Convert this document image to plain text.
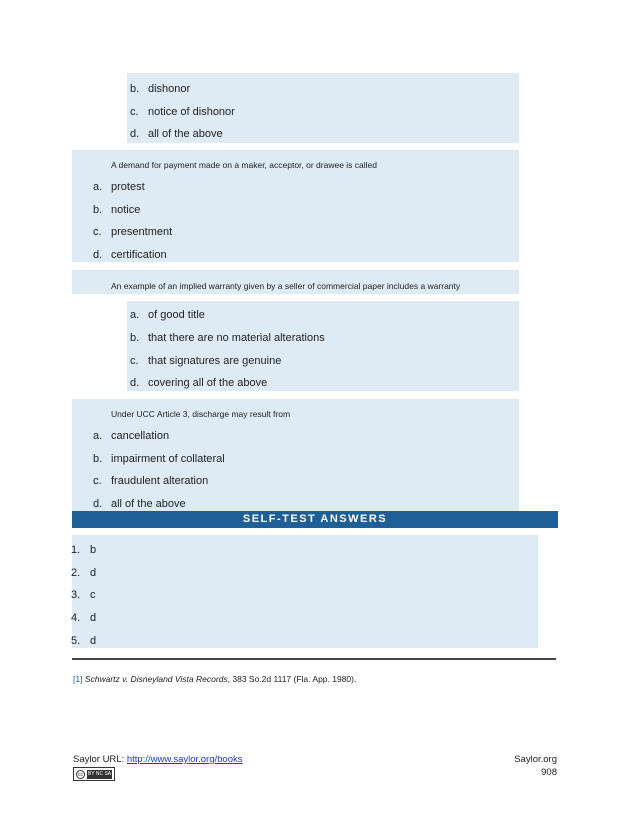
b. dishonor
c. notice of dishonor
d. all of the above
A demand for payment made on a maker, acceptor, or drawee is called
a. protest
b. notice
c. presentment
d. certification
An example of an implied warranty given by a seller of commercial paper includes a warranty
a. of good title
b. that there are no material alterations
c. that signatures are genuine
d. covering all of the above
Under UCC Article 3, discharge may result from
a. cancellation
b. impairment of collateral
c. fraudulent alteration
d. all of the above
SELF-TEST ANSWERS
1. b
2. d
3. c
4. d
5. d
[1] Schwartz v. Disneyland Vista Records, 383 So.2d 1117 (Fla. App. 1980).
Saylor URL: http://www.saylor.org/books
cc BY NC SA
Saylor.org
908
